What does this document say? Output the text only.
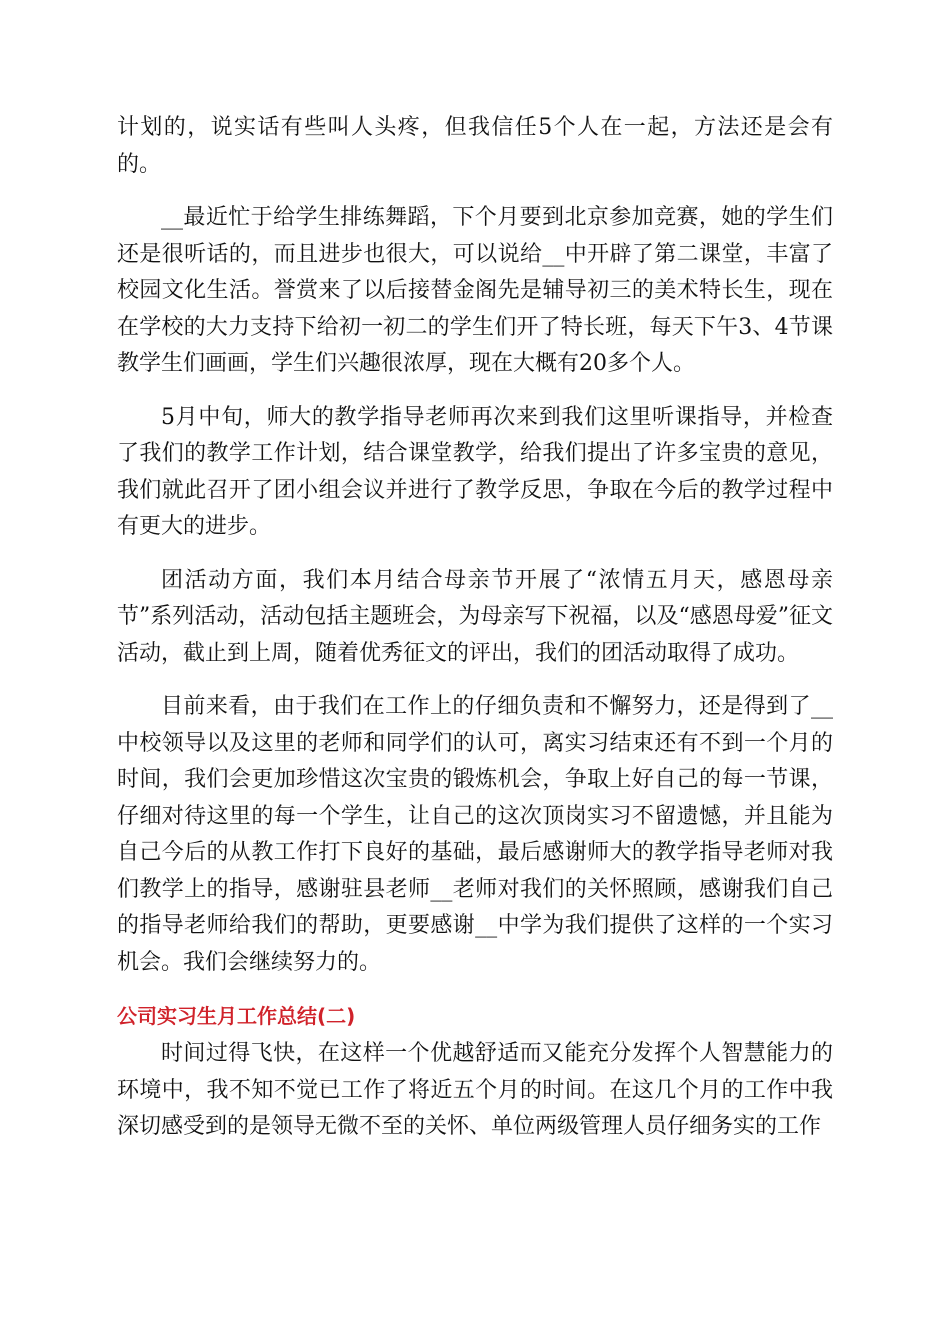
计划的，说实话有些叫人头疼，但我信任5个人在一起，方法还是会有的。

__最近忙于给学生排练舞蹈，下个月要到北京参加竞赛，她的学生们还是很听话的，而且进步也很大，可以说给__中开辟了第二课堂，丰富了校园文化生活。誉赏来了以后接替金阁先是辅导初三的美术特长生，现在在学校的大力支持下给初一初二的学生们开了特长班，每天下午3、4节课教学生们画画，学生们兴趣很浓厚，现在大概有20多个人。

5月中旬，师大的教学指导老师再次来到我们这里听课指导，并检查了我们的教学工作计划，结合课堂教学，给我们提出了许多宝贵的意见，我们就此召开了团小组会议并进行了教学反思，争取在今后的教学过程中有更大的进步。

团活动方面，我们本月结合母亲节开展了“浓情五月天，感恩母亲节”系列活动，活动包括主题班会，为母亲写下祝福，以及“感恩母爱”征文活动，截止到上周，随着优秀征文的评出，我们的团活动取得了成功。

目前来看，由于我们在工作上的仔细负责和不懈努力，还是得到了__中校领导以及这里的老师和同学们的认可，离实习结束还有不到一个月的时间，我们会更加珍惜这次宝贵的锻炼机会，争取上好自己的每一节课，仔细对待这里的每一个学生，让自己的这次顶岗实习不留遗憾，并且能为自己今后的从教工作打下良好的基础，最后感谢师大的教学指导老师对我们教学上的指导，感谢驻县老师__老师对我们的关怀照顾，感谢我们自己的指导老师给我们的帮助，更要感谢__中学为我们提供了这样的一个实习机会。我们会继续努力的。

公司实习生月工作总结(二)

时间过得飞快，在这样一个优越舒适而又能充分发挥个人智慧能力的环境中，我不知不觉已工作了将近五个月的时间。在这几个月的工作中我深切感受到的是领导无微不至的关怀、单位两级管理人员仔细务实的工作
